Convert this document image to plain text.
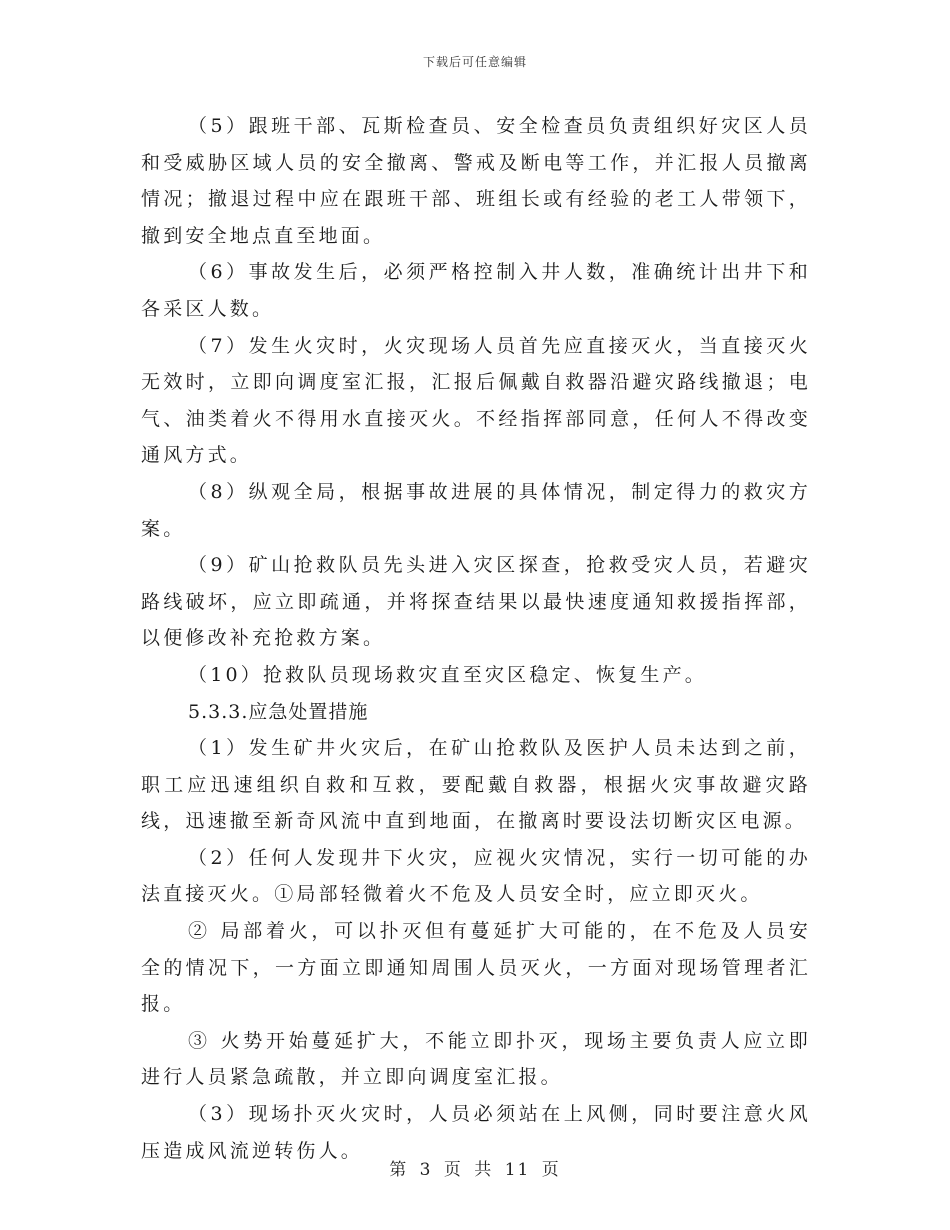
下载后可任意编辑

（5）跟班干部、瓦斯检查员、安全检查员负责组织好灾区人员和受威胁区域人员的安全撤离、警戒及断电等工作，并汇报人员撤离情况；撤退过程中应在跟班干部、班组长或有经验的老工人带领下，撤到安全地点直至地面。

（6）事故发生后，必须严格控制入井人数，准确统计出井下和各采区人数。

（7）发生火灾时，火灾现场人员首先应直接灭火，当直接灭火无效时，立即向调度室汇报，汇报后佩戴自救器沿避灾路线撤退；电气、油类着火不得用水直接灭火。不经指挥部同意，任何人不得改变通风方式。

（8）纵观全局，根据事故进展的具体情况，制定得力的救灾方案。

（9）矿山抢救队员先头进入灾区探查，抢救受灾人员，若避灾路线破坏，应立即疏通，并将探查结果以最快速度通知救援指挥部，以便修改补充抢救方案。

（10）抢救队员现场救灾直至灾区稳定、恢复生产。

5.3.3.应急处置措施

（1）发生矿井火灾后，在矿山抢救队及医护人员未达到之前，职工应迅速组织自救和互救，要配戴自救器，根据火灾事故避灾路线，迅速撤至新奇风流中直到地面，在撤离时要设法切断灾区电源。

（2）任何人发现井下火灾，应视火灾情况，实行一切可能的办法直接灭火。①局部轻微着火不危及人员安全时，应立即灭火。

② 局部着火，可以扑灭但有蔓延扩大可能的，在不危及人员安全的情况下，一方面立即通知周围人员灭火，一方面对现场管理者汇报。

③ 火势开始蔓延扩大，不能立即扑灭，现场主要负责人应立即进行人员紧急疏散，并立即向调度室汇报。

（3）现场扑灭火灾时，人员必须站在上风侧，同时要注意火风压造成风流逆转伤人。

第 3 页 共 11 页
